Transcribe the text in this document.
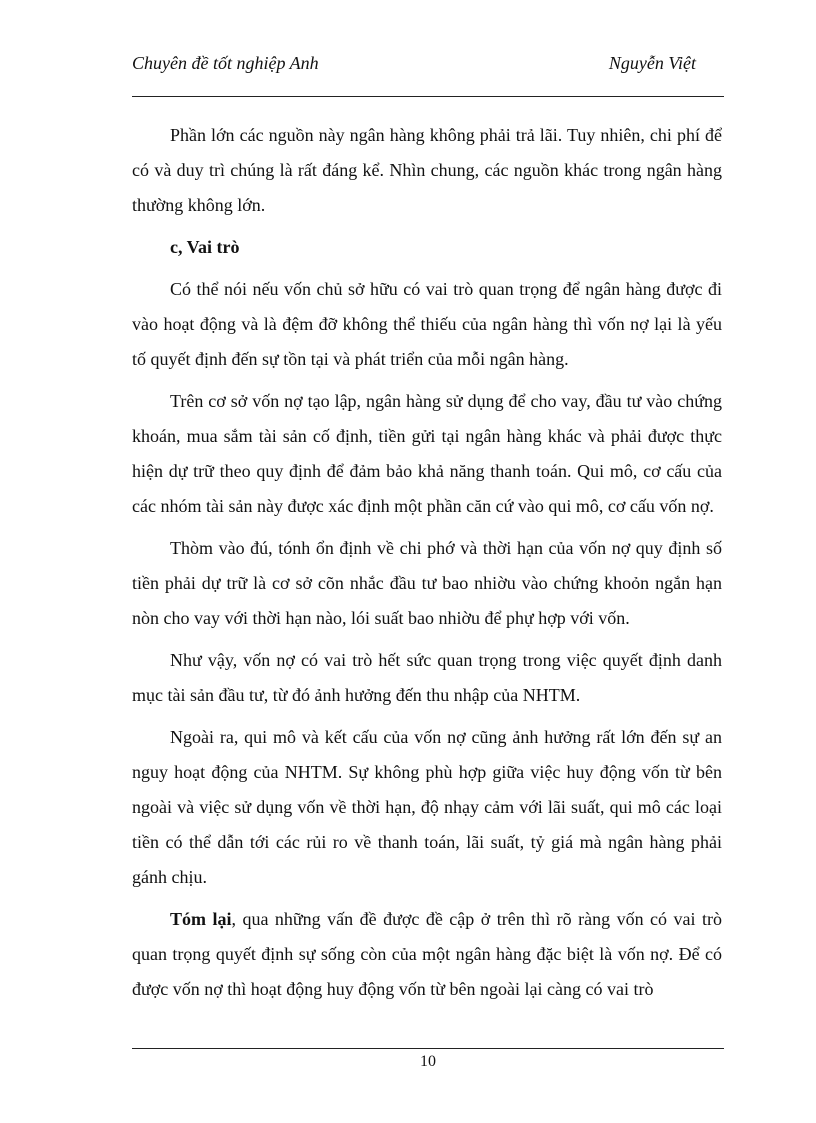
Chuyên đề tốt nghiệp Anh	Nguyễn Việt

Phần lớn các nguồn này ngân hàng không phải trả lãi. Tuy nhiên, chi phí để có và duy trì chúng là rất đáng kể. Nhìn chung, các nguồn khác trong ngân hàng thường không lớn.

c, Vai trò

Có thể nói nếu vốn chủ sở hữu có vai trò quan trọng để ngân hàng được đi vào hoạt động và là đệm đỡ không thể thiếu của ngân hàng thì vốn nợ lại là yếu tố quyết định đến sự tồn tại và phát triển của mỗi ngân hàng.

Trên cơ sở vốn nợ tạo lập, ngân hàng sử dụng để cho vay, đầu tư vào chứng khoán, mua sắm tài sản cố định, tiền gửi tại ngân hàng khác và phải được thực hiện dự trữ theo quy định để đảm bảo khả năng thanh toán. Qui mô, cơ cấu của các nhóm tài sản này được xác định một phần căn cứ vào qui mô, cơ cấu vốn nợ.

Thòm vào đú, tónh ổn định về chi phớ và thời hạn của vốn nợ quy định số tiền phải dự trữ là cơ sở cõn nhắc đầu tư bao nhiờu vào chứng khoỏn ngắn hạn nòn cho vay với thời hạn nào, lói suất bao nhiờu để phự hợp với vốn.

Như vậy, vốn nợ có vai trò hết sức quan trọng trong việc quyết định danh mục tài sản đầu tư, từ đó ảnh hưởng đến thu nhập của NHTM.

Ngoài ra, qui mô và kết cấu của vốn nợ cũng ảnh hưởng rất lớn đến sự an nguy hoạt động của NHTM. Sự không phù hợp giữa việc huy động vốn từ bên ngoài và việc sử dụng vốn về thời hạn, độ nhạy cảm với lãi suất, qui mô các loại tiền có thể dẫn tới các rủi ro về thanh toán, lãi suất, tỷ giá mà ngân hàng phải gánh chịu.

Tóm lại, qua những vấn đề được đề cập ở trên thì rõ ràng vốn có vai trò quan trọng quyết định sự sống còn của một ngân hàng đặc biệt là vốn nợ. Để có được vốn nợ thì hoạt động huy động vốn từ bên ngoài lại càng có vai trò

10
